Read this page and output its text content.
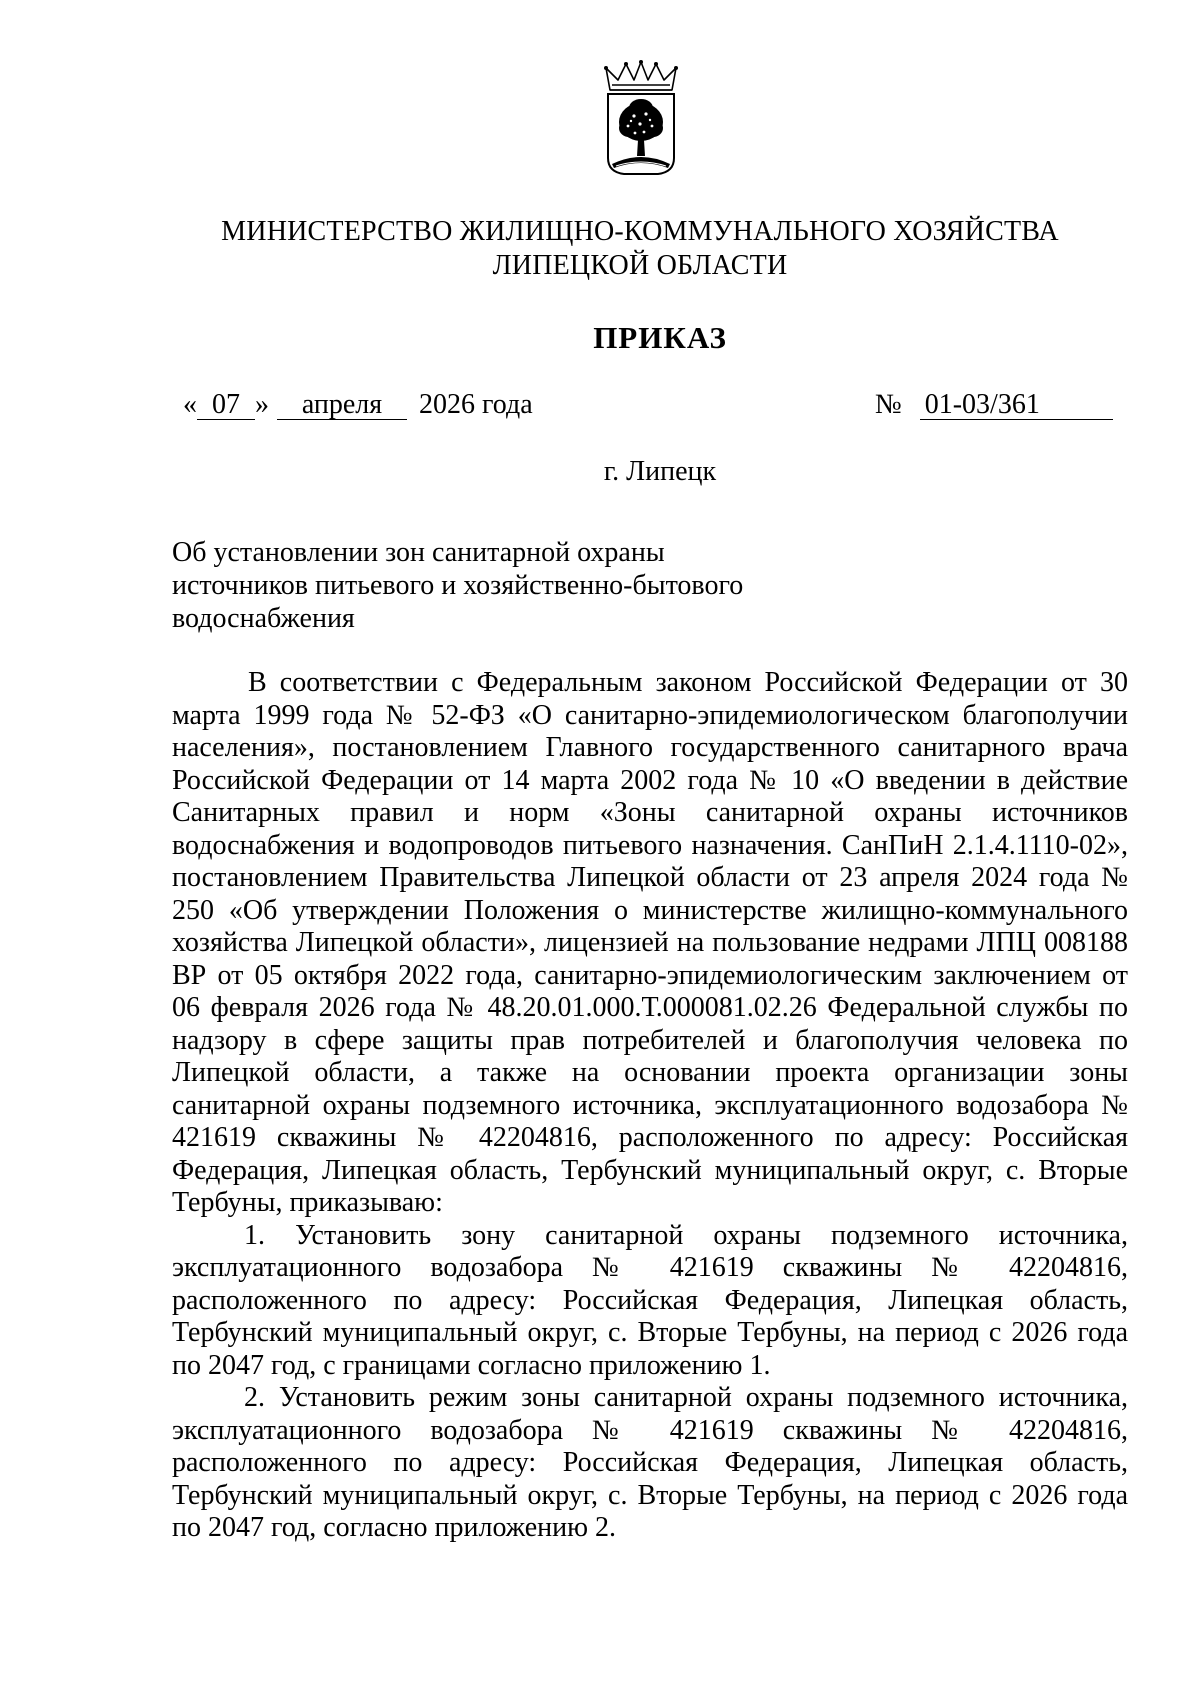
МИНИСТЕРСТВО ЖИЛИЩНО-КОММУНАЛЬНОГО ХОЗЯЙСТВА
ЛИПЕЦКОЙ ОБЛАСТИ
ПРИКАЗ
« 07 » апреля 2026 года	№ 01-03/361
г. Липецк
Об установлении зон санитарной охраны
источников питьевого и хозяйственно-бытового
водоснабжения

В соответствии с Федеральным законом Российской Федерации от 30 марта 1999 года № 52-ФЗ «О санитарно-эпидемиологическом благополучии населения», постановлением Главного государственного санитарного врача Российской Федерации от 14 марта 2002 года № 10 «О введении в действие Санитарных правил и норм «Зоны санитарной охраны источников водоснабжения и водопроводов питьевого назначения. СанПиН 2.1.4.1110-02», постановлением Правительства Липецкой области от 23 апреля 2024 года № 250 «Об утверждении Положения о министерстве жилищно-коммунального хозяйства Липецкой области», лицензией на пользование недрами ЛПЦ 008188 ВР от 05 октября 2022 года, санитарно-эпидемиологическим заключением от 06 февраля 2026 года № 48.20.01.000.Т.000081.02.26 Федеральной службы по надзору в сфере защиты прав потребителей и благополучия человека по Липецкой области, а также на основании проекта организации зоны санитарной охраны подземного источника, эксплуатационного водозабора № 421619 скважины № 42204816, расположенного по адресу: Российская Федерация, Липецкая область, Тербунский муниципальный округ, с. Вторые Тербуны, приказываю:

1. Установить зону санитарной охраны подземного источника, эксплуатационного водозабора № 421619 скважины № 42204816, расположенного по адресу: Российская Федерация, Липецкая область, Тербунский муниципальный округ, с. Вторые Тербуны, на период с 2026 года по 2047 год, с границами согласно приложению 1.

2. Установить режим зоны санитарной охраны подземного источника, эксплуатационного водозабора № 421619 скважины № 42204816, расположенного по адресу: Российская Федерация, Липецкая область, Тербунский муниципальный округ, с. Вторые Тербуны, на период с 2026 года по 2047 год, согласно приложению 2.
